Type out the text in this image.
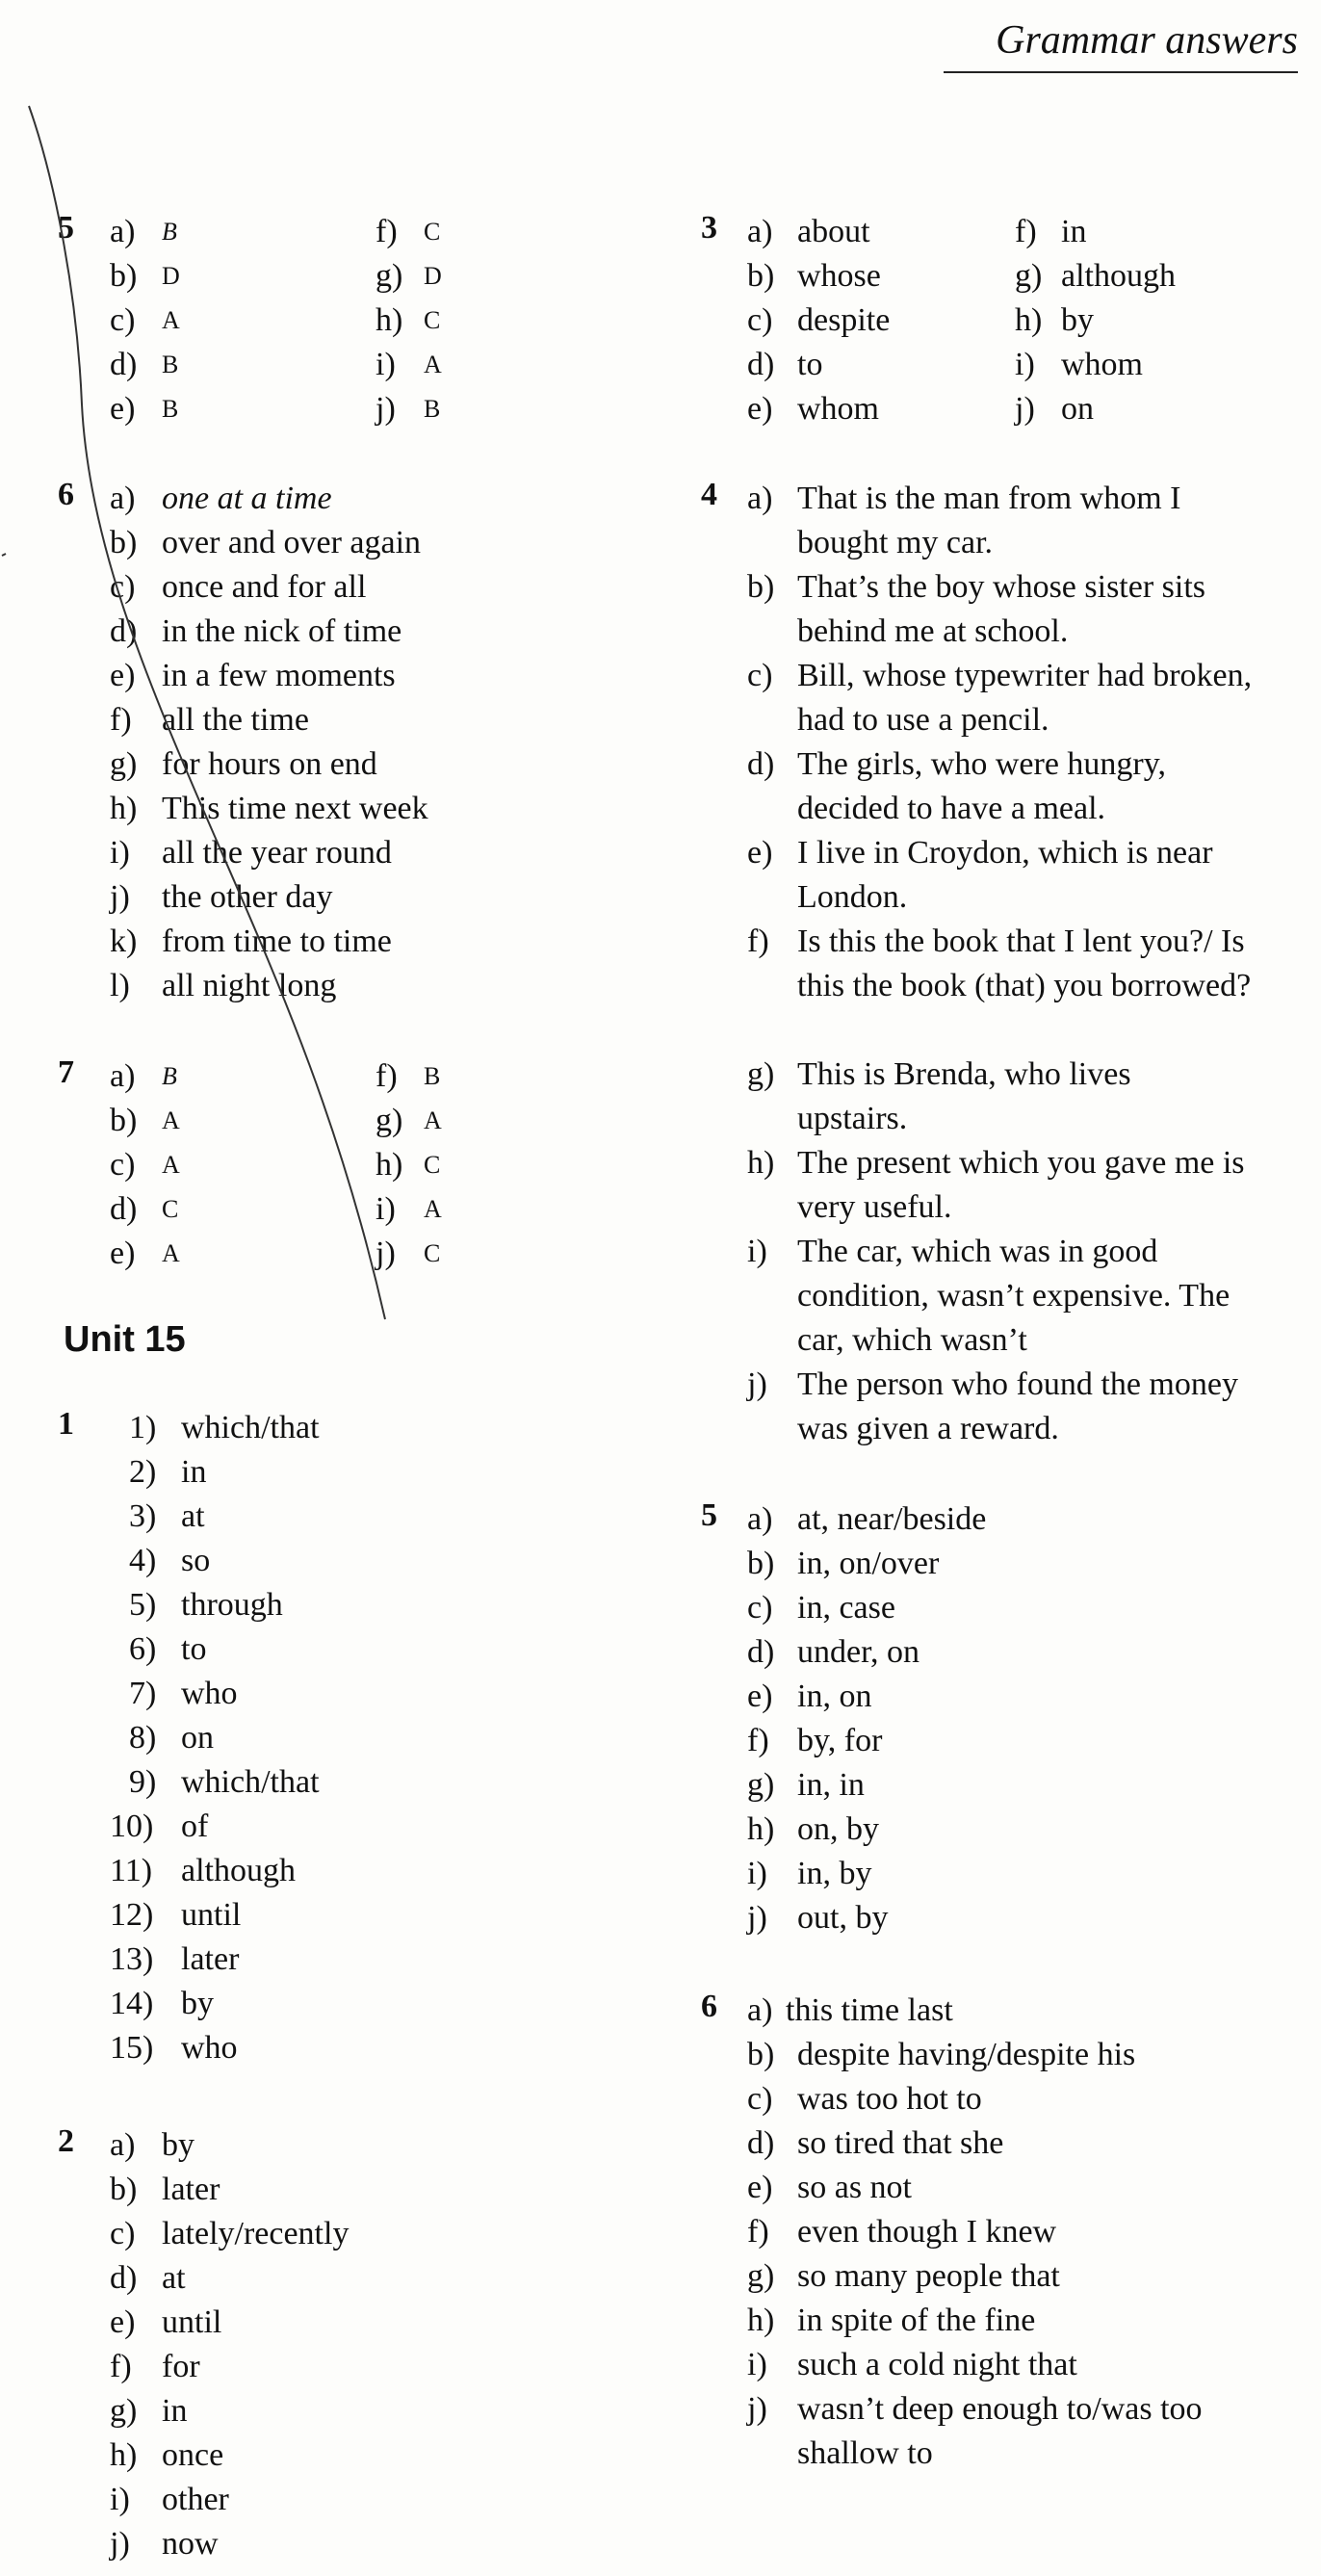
Grammar answers
5 a) B
b) D
c) A
d) B
e) B
f) C
g) D
h) C
i) A
j) B
6 a) one at a time
b) over and over again
c) once and for all
d) in the nick of time
e) in a few moments
f) all the time
g) for hours on end
h) This time next week
i) all the year round
j) the other day
k) from time to time
l) all night long
7 a) B
b) A
c) A
d) C
e) A
f) B
g) A
h) C
i) A
j) C
Unit 15
1 1) which/that
2) in
3) at
4) so
5) through
6) to
7) who
8) on
9) which/that
10) of
11) although
12) until
13) later
14) by
15) who
2 a) by
b) later
c) lately/recently
d) at
e) until
f) for
g) in
h) once
i) other
j) now
3 a) about
b) whose
c) despite
d) to
e) whom
f) in
g) although
h) by
i) whom
j) on
4 a) That is the man from whom I bought my car.
b) That’s the boy whose sister sits behind me at school.
c) Bill, whose typewriter had broken, had to use a pencil.
d) The girls, who were hungry, decided to have a meal.
e) I live in Croydon, which is near London.
f) Is this the book that I lent you?/ Is this the book (that) you borrowed?
g) This is Brenda, who lives upstairs.
h) The present which you gave me is very useful.
i) The car, which was in good condition, wasn’t expensive. The car, which wasn’t
j) The person who found the money was given a reward.
5 a) at, near/beside
b) in, on/over
c) in, case
d) under, on
e) in, on
f) by, for
g) in, in
h) on, by
i) in, by
j) out, by
6 a) this time last
b) despite having/despite his
c) was too hot to
d) so tired that she
e) so as not
f) even though I knew
g) so many people that
h) in spite of the fine
i) such a cold night that
j) wasn’t deep enough to/was too shallow to
